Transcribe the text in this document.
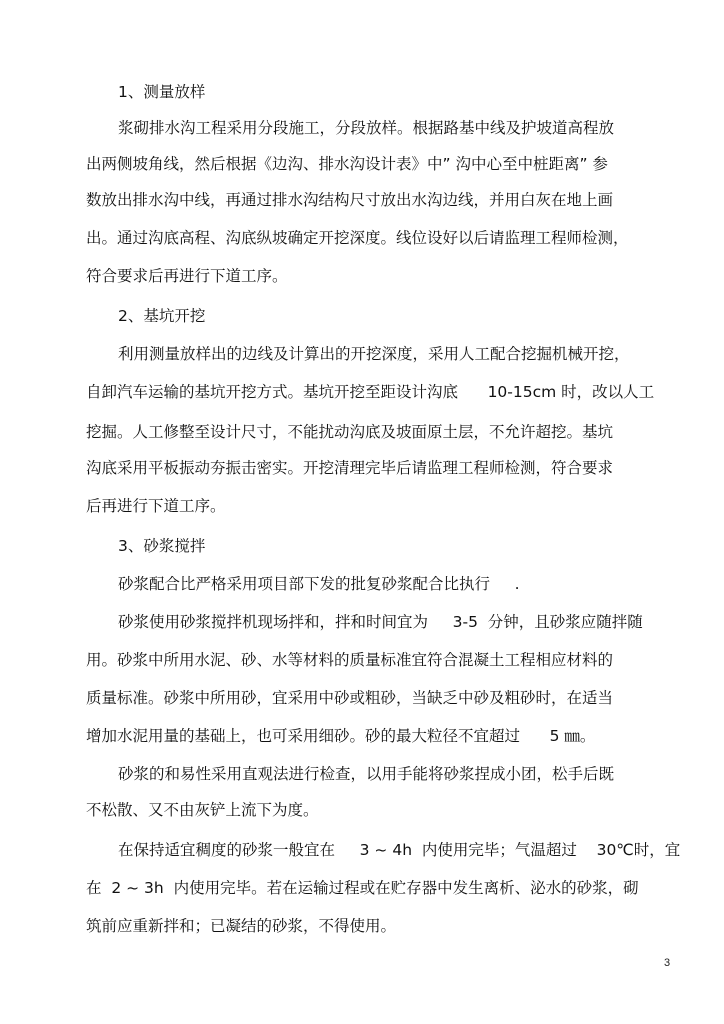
1、测量放样
浆砌排水沟工程采用分段施工，分段放样。根据路基中线及护坡道高程放
出两侧坡角线，然后根据《边沟、排水沟设计表》中” 沟中心至中桩距离” 参
数放出排水沟中线，再通过排水沟结构尺寸放出水沟边线，并用白灰在地上画
出。通过沟底高程、沟底纵坡确定开挖深度。线位设好以后请监理工程师检测，
符合要求后再进行下道工序。
2、基坑开挖
利用测量放样出的边线及计算出的开挖深度，采用人工配合挖掘机械开挖，
自卸汽车运输的基坑开挖方式。基坑开挖至距设计沟底      10-15cm 时，改以人工
挖掘。人工修整至设计尺寸，不能扰动沟底及坡面原土层，不允许超挖。基坑
沟底采用平板振动夯振击密实。开挖清理完毕后请监理工程师检测，符合要求
后再进行下道工序。
3、砂浆搅拌
砂浆配合比严格采用项目部下发的批复砂浆配合比执行     .
砂浆使用砂浆搅拌机现场拌和，拌和时间宜为     3-5  分钟，且砂浆应随拌随
用。砂浆中所用水泥、砂、水等材料的质量标准宜符合混凝土工程相应材料的
质量标准。砂浆中所用砂，宜采用中砂或粗砂，当缺乏中砂及粗砂时，在适当
增加水泥用量的基础上，也可采用细砂。砂的最大粒径不宜超过      5 ㎜。
砂浆的和易性采用直观法进行检查，以用手能将砂浆捏成小团，松手后既
不松散、又不由灰铲上流下为度。
在保持适宜稠度的砂浆一般宜在     3 ~ 4h  内使用完毕；气温超过    30℃时，宜
在  2 ~ 3h  内使用完毕。若在运输过程或在贮存器中发生离析、泌水的砂浆，砌
筑前应重新拌和；已凝结的砂浆，不得使用。
3
